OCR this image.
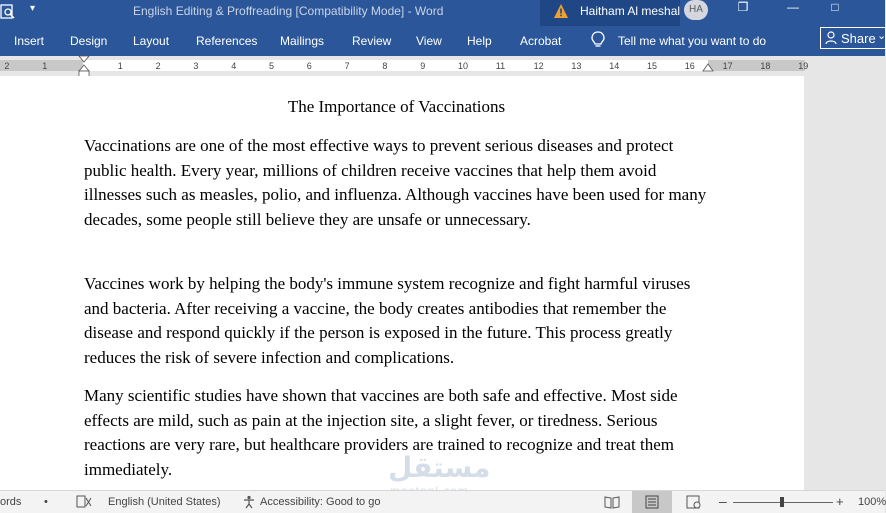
▾	English Editing & Proffreading [Compatibility Mode] - Word	Haitham Al meshal HA	❐	—	□
Insert Design Layout References Mailings Review View Help Acrobat	Tell me what you want to do	Share ⌄
2	1	1	2	3	4	5	6	7	8	9	10	11	12	13	14	15	16	17	18	19
The Importance of Vaccinations

Vaccinations are one of the most effective ways to prevent serious diseases and protect public health. Every year, millions of children receive vaccines that help them avoid illnesses such as measles, polio, and influenza. Although vaccines have been used for many decades, some people still believe they are unsafe or unnecessary.

Vaccines work by helping the body's immune system recognize and fight harmful viruses and bacteria. After receiving a vaccine, the body creates antibodies that remember the disease and respond quickly if the person is exposed in the future. This process greatly reduces the risk of severe infection and complications.

Many scientific studies have shown that vaccines are both safe and effective. Most side effects are mild, such as pain at the injection site, a slight fever, or tiredness. Serious reactions are very rare, but healthcare providers are trained to recognize and treat them immediately.	مستقل
ords •	English (United States)	Accessibility: Good to go	–	+ 100%
